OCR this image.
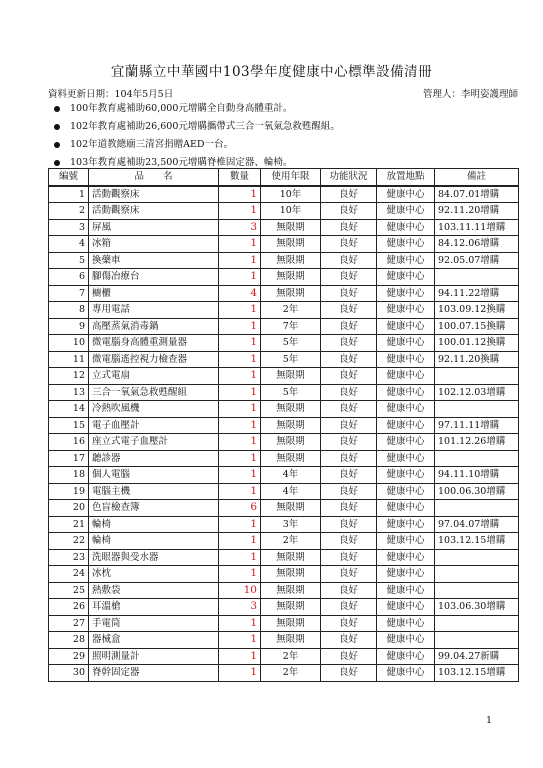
宜蘭縣立中華國中103學年度健康中心標準設備清冊
資料更新日期：104年5月5日	管理人：李明姿護理師
100年教育處補助60,000元增購全自動身高體重計。
102年教育處補助26,600元增購攜帶式三合一氧氣急救甦醒組。
102年道教總廟三清宮捐贈AED一台。
103年教育處補助23,500元增購脊椎固定器、輪椅。
編號	品　　名	數量	使用年限	功能狀況	放置地點	備註
1	活動觀察床	1	10年	良好	健康中心	84.07.01增購
2	活動觀察床	1	10年	良好	健康中心	92.11.20增購
3	屏風	3	無限期	良好	健康中心	103.11.11增購
4	冰箱	1	無限期	良好	健康中心	84.12.06增購
5	換藥車	1	無限期	良好	健康中心	92.05.07增購
6	腳傷冶療台	1	無限期	良好	健康中心	
7	櫥櫃	4	無限期	良好	健康中心	94.11.22增購
8	專用電話	1	2年	良好	健康中心	103.09.12換購
9	高壓蒸氣消毒鍋	1	7年	良好	健康中心	100.07.15換購
10	微電腦身高體重測量器	1	5年	良好	健康中心	100.01.12換購
11	微電腦遙控視力檢查器	1	5年	良好	健康中心	92.11.20換購
12	立式電扇	1	無限期	良好	健康中心	
13	三合一氧氣急救甦醒組	1	5年	良好	健康中心	102.12.03增購
14	冷熱吹風機	1	無限期	良好	健康中心	
15	電子血壓計	1	無限期	良好	健康中心	97.11.11增購
16	座立式電子血壓計	1	無限期	良好	健康中心	101.12.26增購
17	聽診器	1	無限期	良好	健康中心	
18	個人電腦	1	4年	良好	健康中心	94.11.10增購
19	電腦主機	1	4年	良好	健康中心	100.06.30增購
20	色盲檢查簿	6	無限期	良好	健康中心	
21	輪椅	1	3年	良好	健康中心	97.04.07增購
22	輪椅	1	2年	良好	健康中心	103.12.15增購
23	洗眼器與受水器	1	無限期	良好	健康中心	
24	冰枕	1	無限期	良好	健康中心	
25	熱敷袋	10	無限期	良好	健康中心	
26	耳溫槍	3	無限期	良好	健康中心	103.06.30增購
27	手電筒	1	無限期	良好	健康中心	
28	器械盒	1	無限期	良好	健康中心	
29	照明測量計	1	2年	良好	健康中心	99.04.27新購
30	脊幹固定器	1	2年	良好	健康中心	103.12.15增購
1
